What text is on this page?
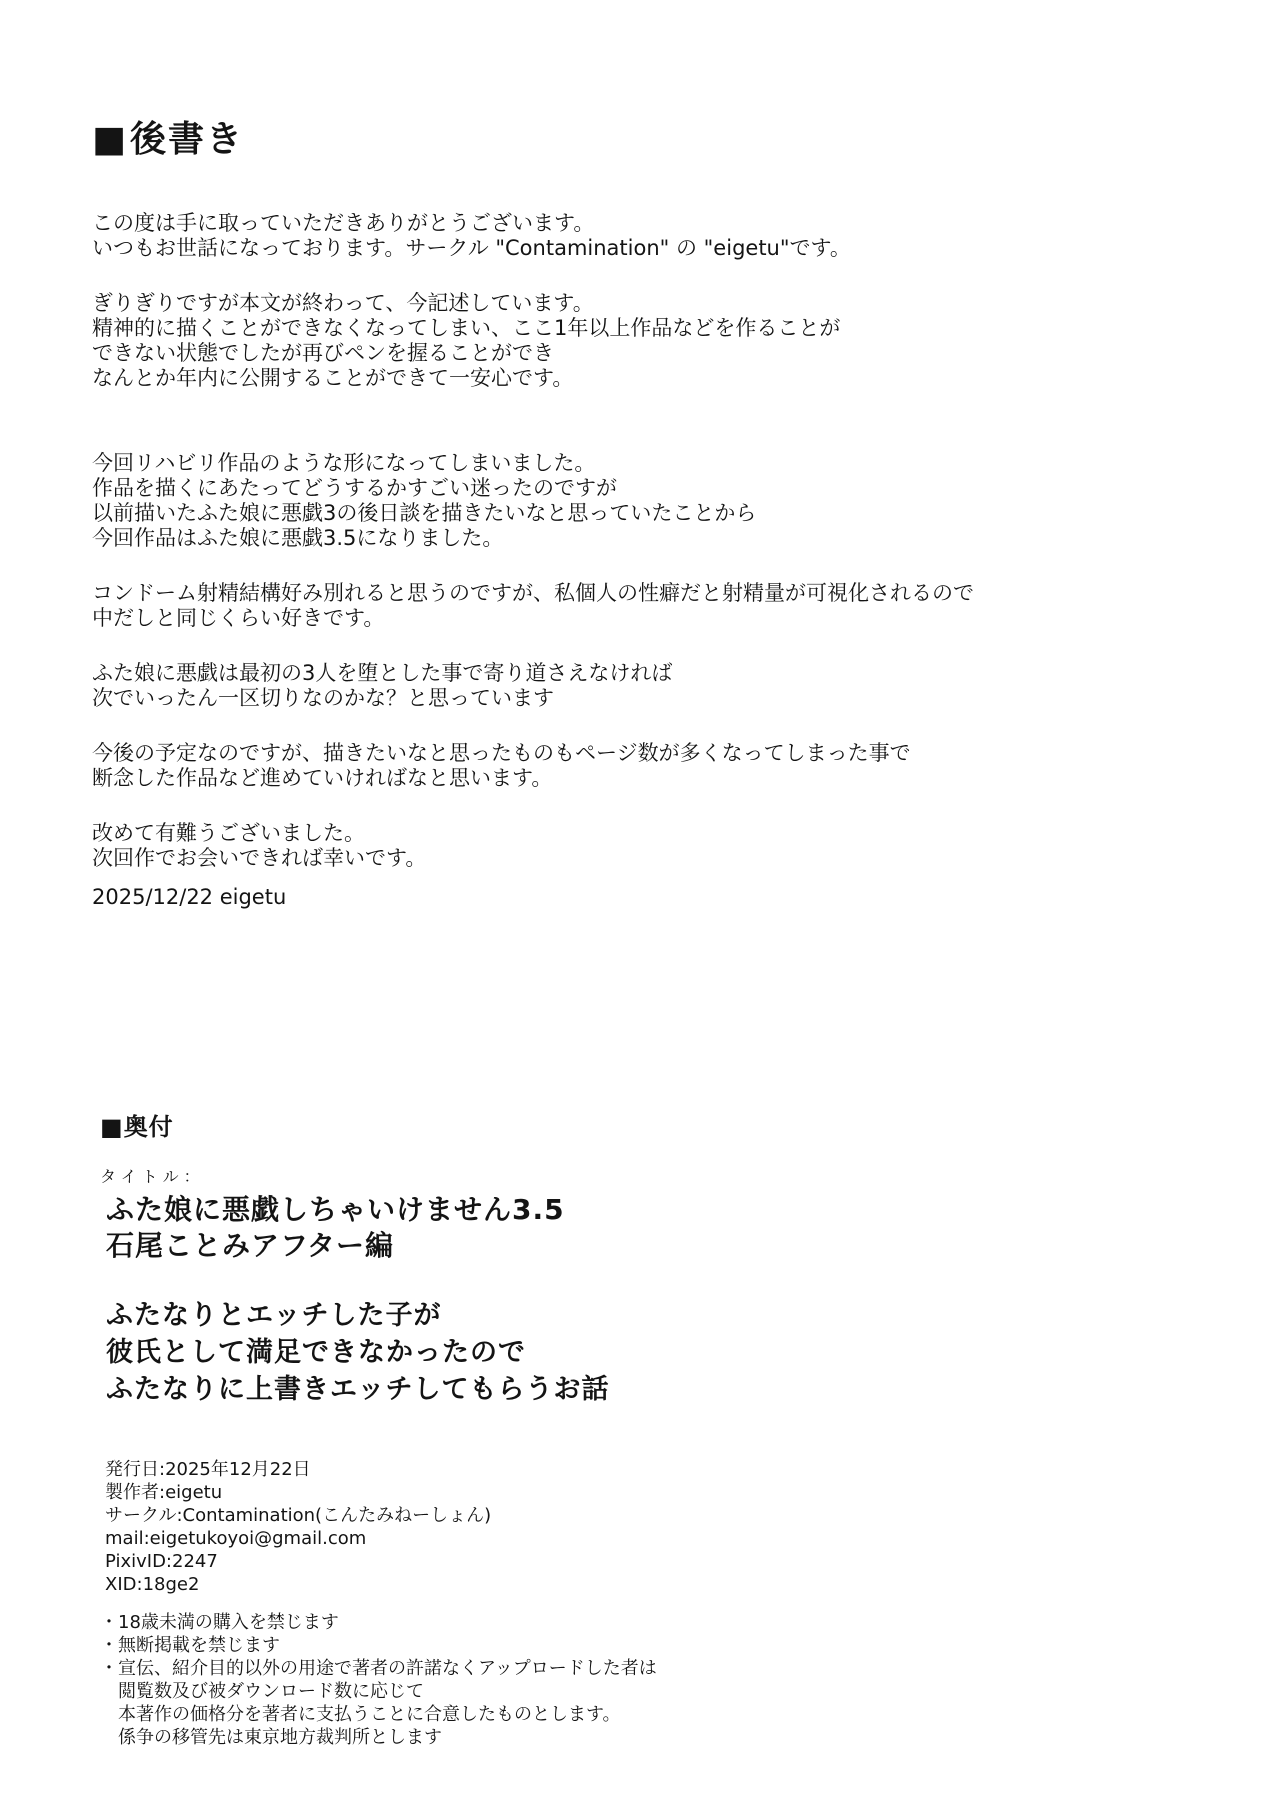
■後書き

この度は手に取っていただきありがとうございます。
いつもお世話になっております。サークル "Contamination" の "eigetu"です。

ぎりぎりですが本文が終わって、今記述しています。
精神的に描くことができなくなってしまい、ここ1年以上作品などを作ることが
できない状態でしたが再びペンを握ることができ
なんとか年内に公開することができて一安心です。

今回リハビリ作品のような形になってしまいました。
作品を描くにあたってどうするかすごい迷ったのですが
以前描いたふた娘に悪戯3の後日談を描きたいなと思っていたことから
今回作品はふた娘に悪戯3.5になりました。

コンドーム射精結構好み別れると思うのですが、私個人の性癖だと射精量が可視化されるので
中だしと同じくらい好きです。

ふた娘に悪戯は最初の3人を堕とした事で寄り道さえなければ
次でいったん一区切りなのかな？と思っています

今後の予定なのですが、描きたいなと思ったものもページ数が多くなってしまった事で
断念した作品など進めていければなと思います。

改めて有難うございました。
次回作でお会いできれば幸いです。

2025/12/22 eigetu
■奥付
タイトル：
ふた娘に悪戯しちゃいけません3.5
石尾ことみアフター編
ふたなりとエッチした子が
彼氏として満足できなかったので
ふたなりに上書きエッチしてもらうお話
発行日:2025年12月22日
製作者:eigetu
サークル:Contamination(こんたみねーしょん)
mail:eigetukoyoi@gmail.com
PixivID:2247
XID:18ge2
・18歳未満の購入を禁じます
・無断掲載を禁じます
・宣伝、紹介目的以外の用途で著者の許諾なくアップロードした者は
　閲覧数及び被ダウンロード数に応じて
　本著作の価格分を著者に支払うことに合意したものとします。
　係争の移管先は東京地方裁判所とします
